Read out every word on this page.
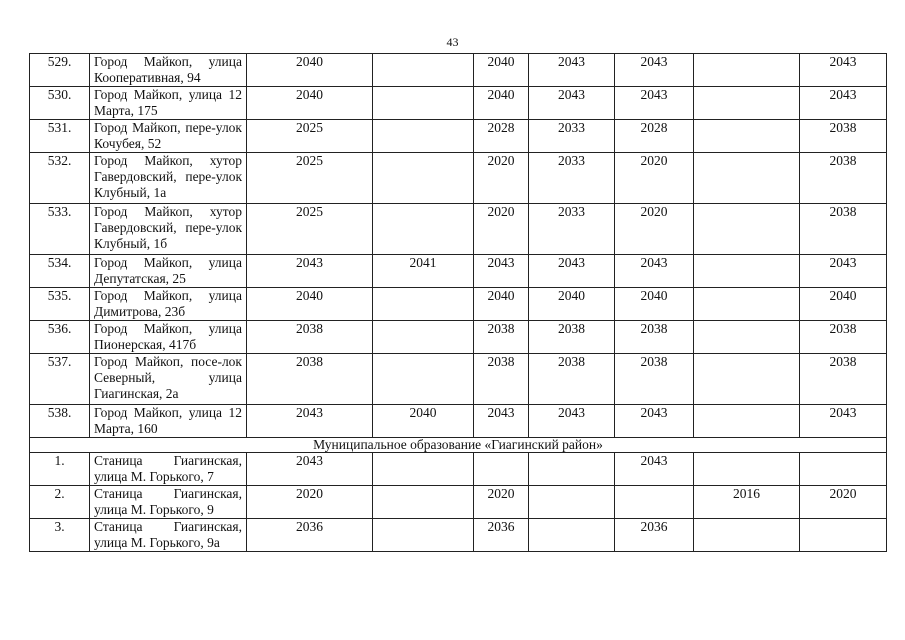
43
529.	Город Майкоп, улица Кооперативная, 94	2040		2040	2043	2043		2043
530.	Город Майкоп, улица 12 Марта, 175	2040		2040	2043	2043		2043
531.	Город Майкоп, пере-улок Кочубея, 52	2025		2028	2033	2028		2038
532.	Город Майкоп, хутор Гавердовский, пере-улок Клубный, 1а	2025		2020	2033	2020		2038
533.	Город Майкоп, хутор Гавердовский, пере-улок Клубный, 1б	2025		2020	2033	2020		2038
534.	Город Майкоп, улица Депутатская, 25	2043	2041	2043	2043	2043		2043
535.	Город Майкоп, улица Димитрова, 23б	2040		2040	2040	2040		2040
536.	Город Майкоп, улица Пионерская, 417б	2038		2038	2038	2038		2038
537.	Город Майкоп, посе-лок Северный, улица Гиагинская, 2а	2038		2038	2038	2038		2038
538.	Город Майкоп, улица 12 Марта, 160	2043	2040	2043	2043	2043		2043
Муниципальное образование «Гиагинский район»								
1.	Станица Гиагинская, улица М. Горького, 7	2043				2043		
2.	Станица Гиагинская, улица М. Горького, 9	2020		2020			2016	2020
3.	Станица Гиагинская, улица М. Горького, 9а	2036		2036		2036		
